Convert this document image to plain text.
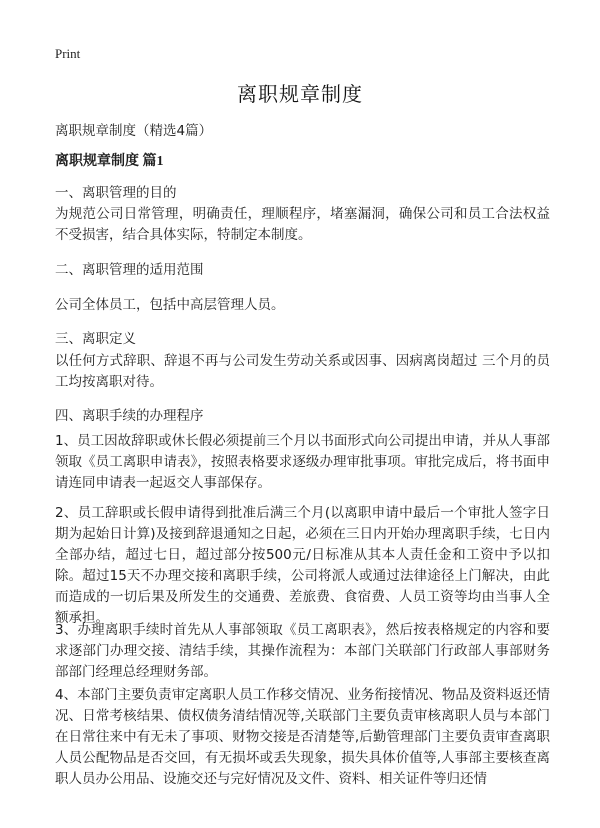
Print
离职规章制度
离职规章制度（精选4篇）
离职规章制度 篇1
一、离职管理的目的
为规范公司日常管理，明确责任，理顺程序，堵塞漏洞，确保公司和员工合法权益不受损害，结合具体实际，特制定本制度。
二、离职管理的适用范围
公司全体员工，包括中高层管理人员。
三、离职定义
以任何方式辞职、辞退不再与公司发生劳动关系或因事、因病离岗超过 三个月的员工均按离职对待。
四、离职手续的办理程序
1、员工因故辞职或休长假必须提前三个月以书面形式向公司提出申请，并从人事部领取《员工离职申请表》，按照表格要求逐级办理审批事项。审批完成后，将书面申请连同申请表一起返交人事部保存。
2、员工辞职或长假申请得到批准后满三个月(以离职申请中最后一个审批人签字日期为起始日计算)及接到辞退通知之日起，必须在三日内开始办理离职手续，七日内全部办结，超过七日，超过部分按500元/日标准从其本人责任金和工资中予以扣除。超过15天不办理交接和离职手续，公司将派人或通过法律途径上门解决，由此而造成的一切后果及所发生的交通费、差旅费、食宿费、人员工资等均由当事人全额承担。
3、办理离职手续时首先从人事部领取《员工离职表》，然后按表格规定的内容和要求逐部门办理交接、清结手续，其操作流程为：本部门关联部门行政部人事部财务部部门经理总经理财务部。
4、本部门主要负责审定离职人员工作移交情况、业务衔接情况、物品及资料返还情况、日常考核结果、债权债务清结情况等,关联部门主要负责审核离职人员与本部门在日常往来中有无未了事项、财物交接是否清楚等,后勤管理部门主要负责审查离职人员公配物品是否交回，有无损坏或丢失现象，损失具体价值等,人事部主要核查离职人员办公用品、设施交还与完好情况及文件、资料、相关证件等归还情
